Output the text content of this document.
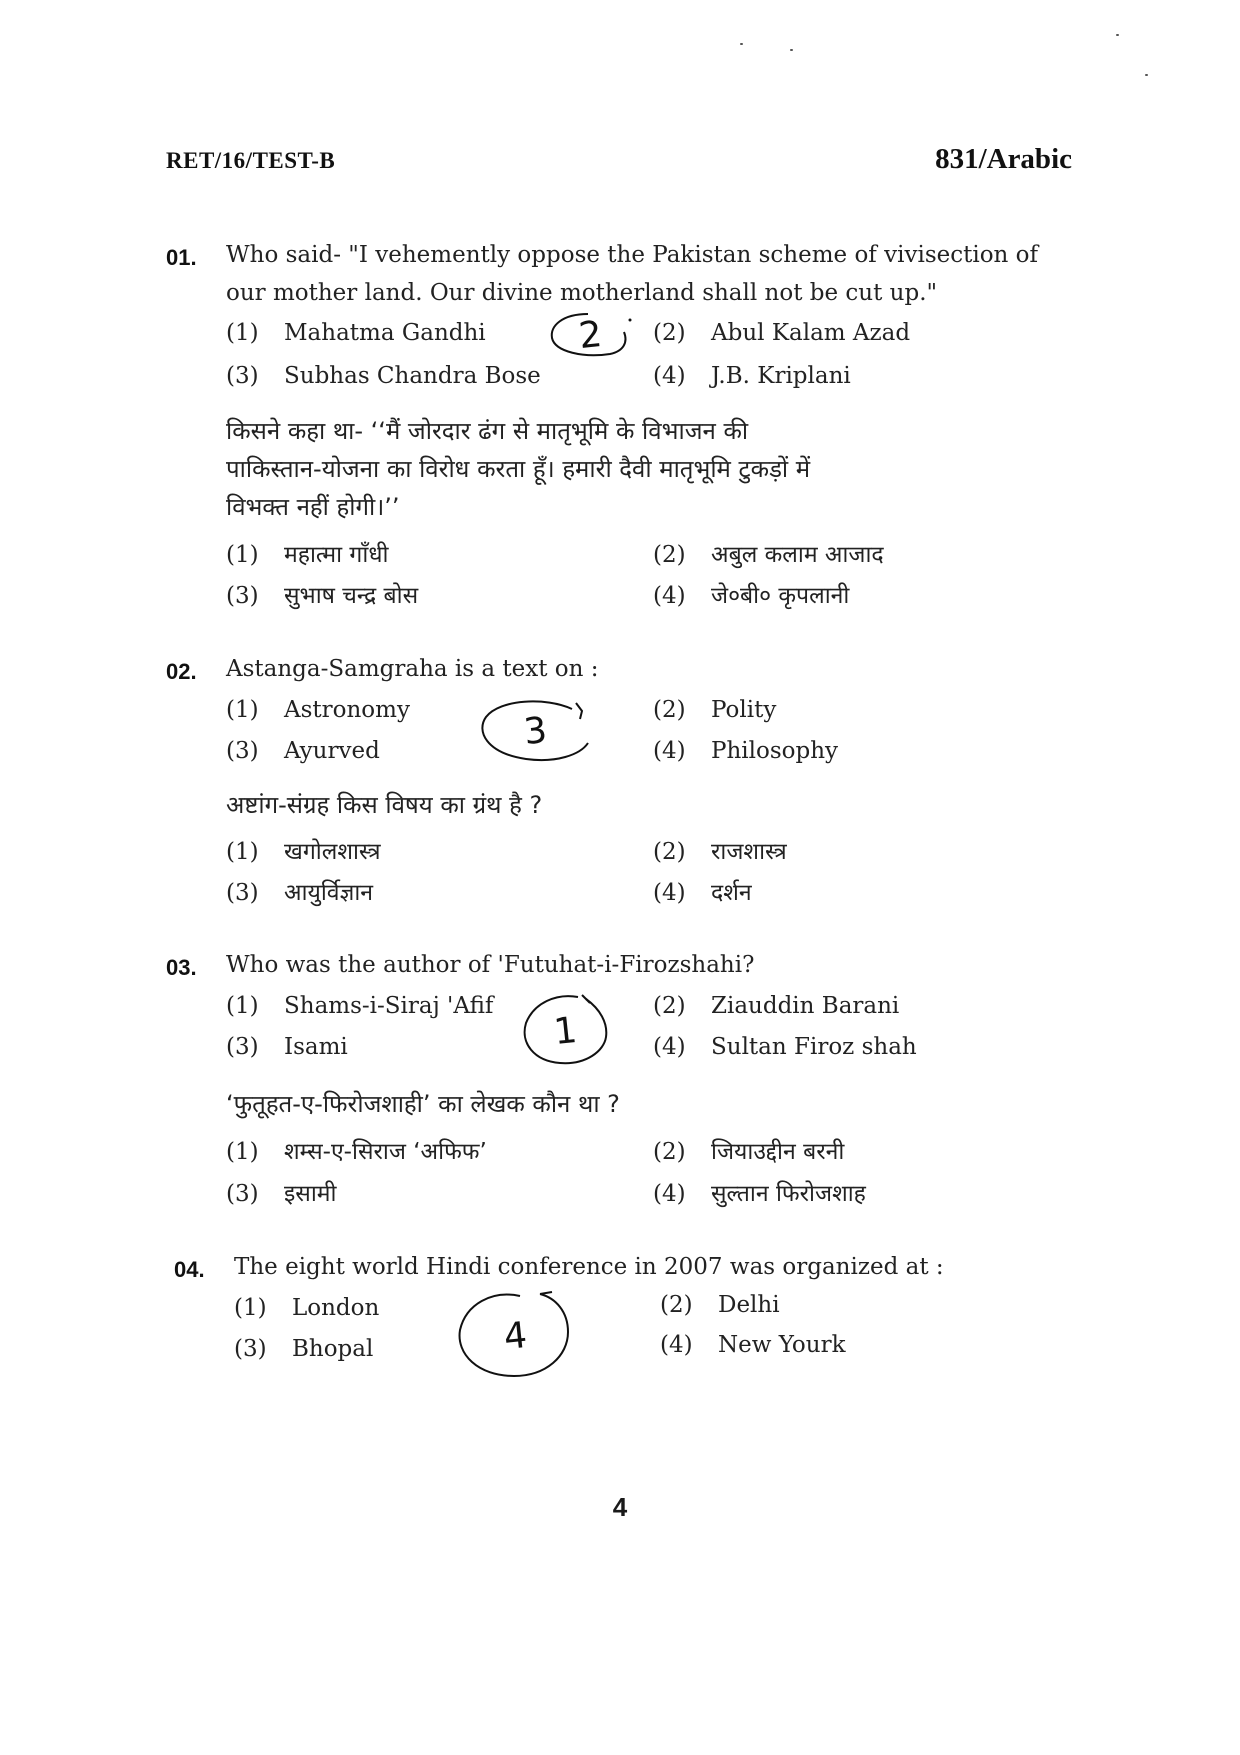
RET/16/TEST-B	831/Arabic
01. Who said- "I vehemently oppose the Pakistan scheme of vivisection of
our mother land. Our divine motherland shall not be cut up."
(1) Mahatma Gandhi	(2) Abul Kalam Azad
(3) Subhas Chandra Bose	(4) J.B. Kriplani
2
किसने कहा था- ‘‘मैं जोरदार ढंग से मातृभूमि के विभाजन की
पाकिस्तान-योजना का विरोध करता हूँ। हमारी दैवी मातृभूमि टुकड़ों में
विभक्त नहीं होगी।’’
(1) महात्मा गाँधी	(2) अबुल कलाम आजाद
(3) सुभाष चन्द्र बोस	(4) जे०बी० कृपलानी
02. Astanga-Samgraha is a text on :
(1) Astronomy	(2) Polity
(3) Ayurved	(4) Philosophy
3
अष्टांग-संग्रह किस विषय का ग्रंथ है ?
(1) खगोलशास्त्र	(2) राजशास्त्र
(3) आयुर्विज्ञान	(4) दर्शन
03. Who was the author of 'Futuhat-i-Firozshahi?
(1) Shams-i-Siraj 'Afif	(2) Ziauddin Barani
(3) Isami	(4) Sultan Firoz shah
1
‘फुतूहत-ए-फिरोजशाही’ का लेखक कौन था ?
(1) शम्स-ए-सिराज ‘अफिफ’	(2) जियाउद्दीन बरनी
(3) इसामी	(4) सुल्तान फिरोजशाह
04. The eight world Hindi conference in 2007 was organized at :
(1) London	(2) Delhi
(3) Bhopal	(4) New Yourk
4
4
